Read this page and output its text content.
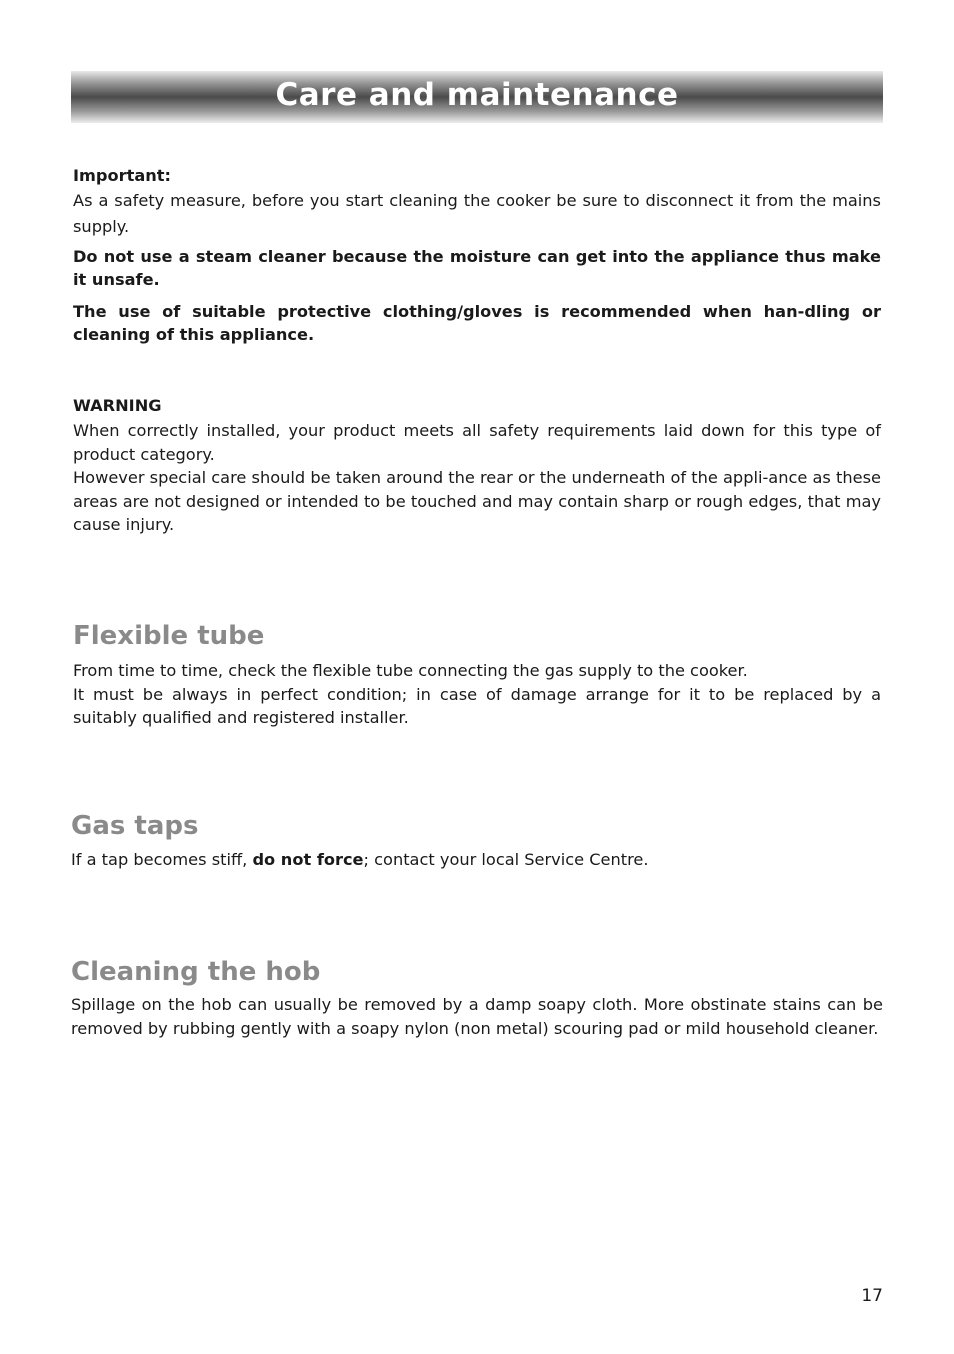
Care and maintenance

Important:

As a safety measure, before you start cleaning the cooker be sure to disconnect it from the mains supply.

Do not use a steam cleaner because the moisture can get into the appliance thus make it unsafe.

The use of suitable protective clothing/gloves is recommended when han-dling or cleaning of this appliance.

WARNING

When correctly installed, your product meets all safety requirements laid down for this type of product category.

However special care should be taken around the rear or the underneath of the appli-ance as these areas are not designed or intended to be touched and may contain sharp or rough edges, that may cause injury.

Flexible tube

From time to time, check the flexible tube connecting the gas supply to the cooker.

It must be always in perfect condition; in case of damage arrange for it to be replaced by a suitably qualified and registered installer.

Gas taps

If a tap becomes stiff, do not force; contact your local Service Centre.

Cleaning the hob

Spillage on the hob can usually be removed by a damp soapy cloth. More obstinate stains can be removed by rubbing gently with a soapy nylon (non metal) scouring pad or mild household cleaner.

17
